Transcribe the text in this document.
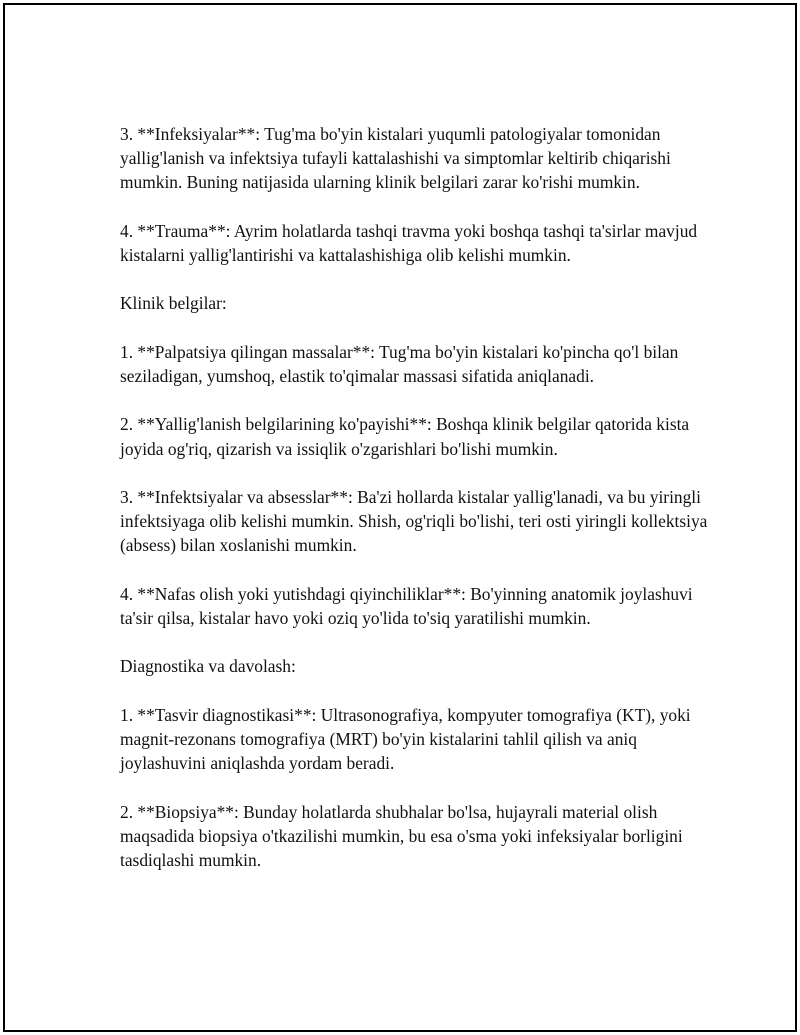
3. **Infeksiyalar**: Tug'ma bo'yin kistalari yuqumli patologiyalar tomonidan yallig'lanish va infektsiya tufayli kattalashishi va simptomlar keltirib chiqarishi mumkin. Buning natijasida ularning klinik belgilari zarar ko'rishi mumkin.

4. **Trauma**: Ayrim holatlarda tashqi travma yoki boshqa tashqi ta'sirlar mavjud kistalarni yallig'lantirishi va kattalashishiga olib kelishi mumkin.

Klinik belgilar:

1. **Palpatsiya qilingan massalar**: Tug'ma bo'yin kistalari ko'pincha qo'l bilan seziladigan, yumshoq, elastik to'qimalar massasi sifatida aniqlanadi.

2. **Yallig'lanish belgilarining ko'payishi**: Boshqa klinik belgilar qatorida kista joyida og'riq, qizarish va issiqlik o'zgarishlari bo'lishi mumkin.

3. **Infektsiyalar va absesslar**: Ba'zi hollarda kistalar yallig'lanadi, va bu yiringli infektsiyaga olib kelishi mumkin. Shish, og'riqli bo'lishi, teri osti yiringli kollektsiya (absess) bilan xoslanishi mumkin.

4. **Nafas olish yoki yutishdagi qiyinchiliklar**: Bo'yinning anatomik joylashuvi ta'sir qilsa, kistalar havo yoki oziq yo'lida to'siq yaratilishi mumkin.

Diagnostika va davolash:

1. **Tasvir diagnostikasi**: Ultrasonografiya, kompyuter tomografiya (KT), yoki magnit-rezonans tomografiya (MRT) bo'yin kistalarini tahlil qilish va aniq joylashuvini aniqlashda yordam beradi.

2. **Biopsiya**: Bunday holatlarda shubhalar bo'lsa, hujayrali material olish maqsadida biopsiya o'tkazilishi mumkin, bu esa o'sma yoki infeksiyalar borligini tasdiqlashi mumkin.
